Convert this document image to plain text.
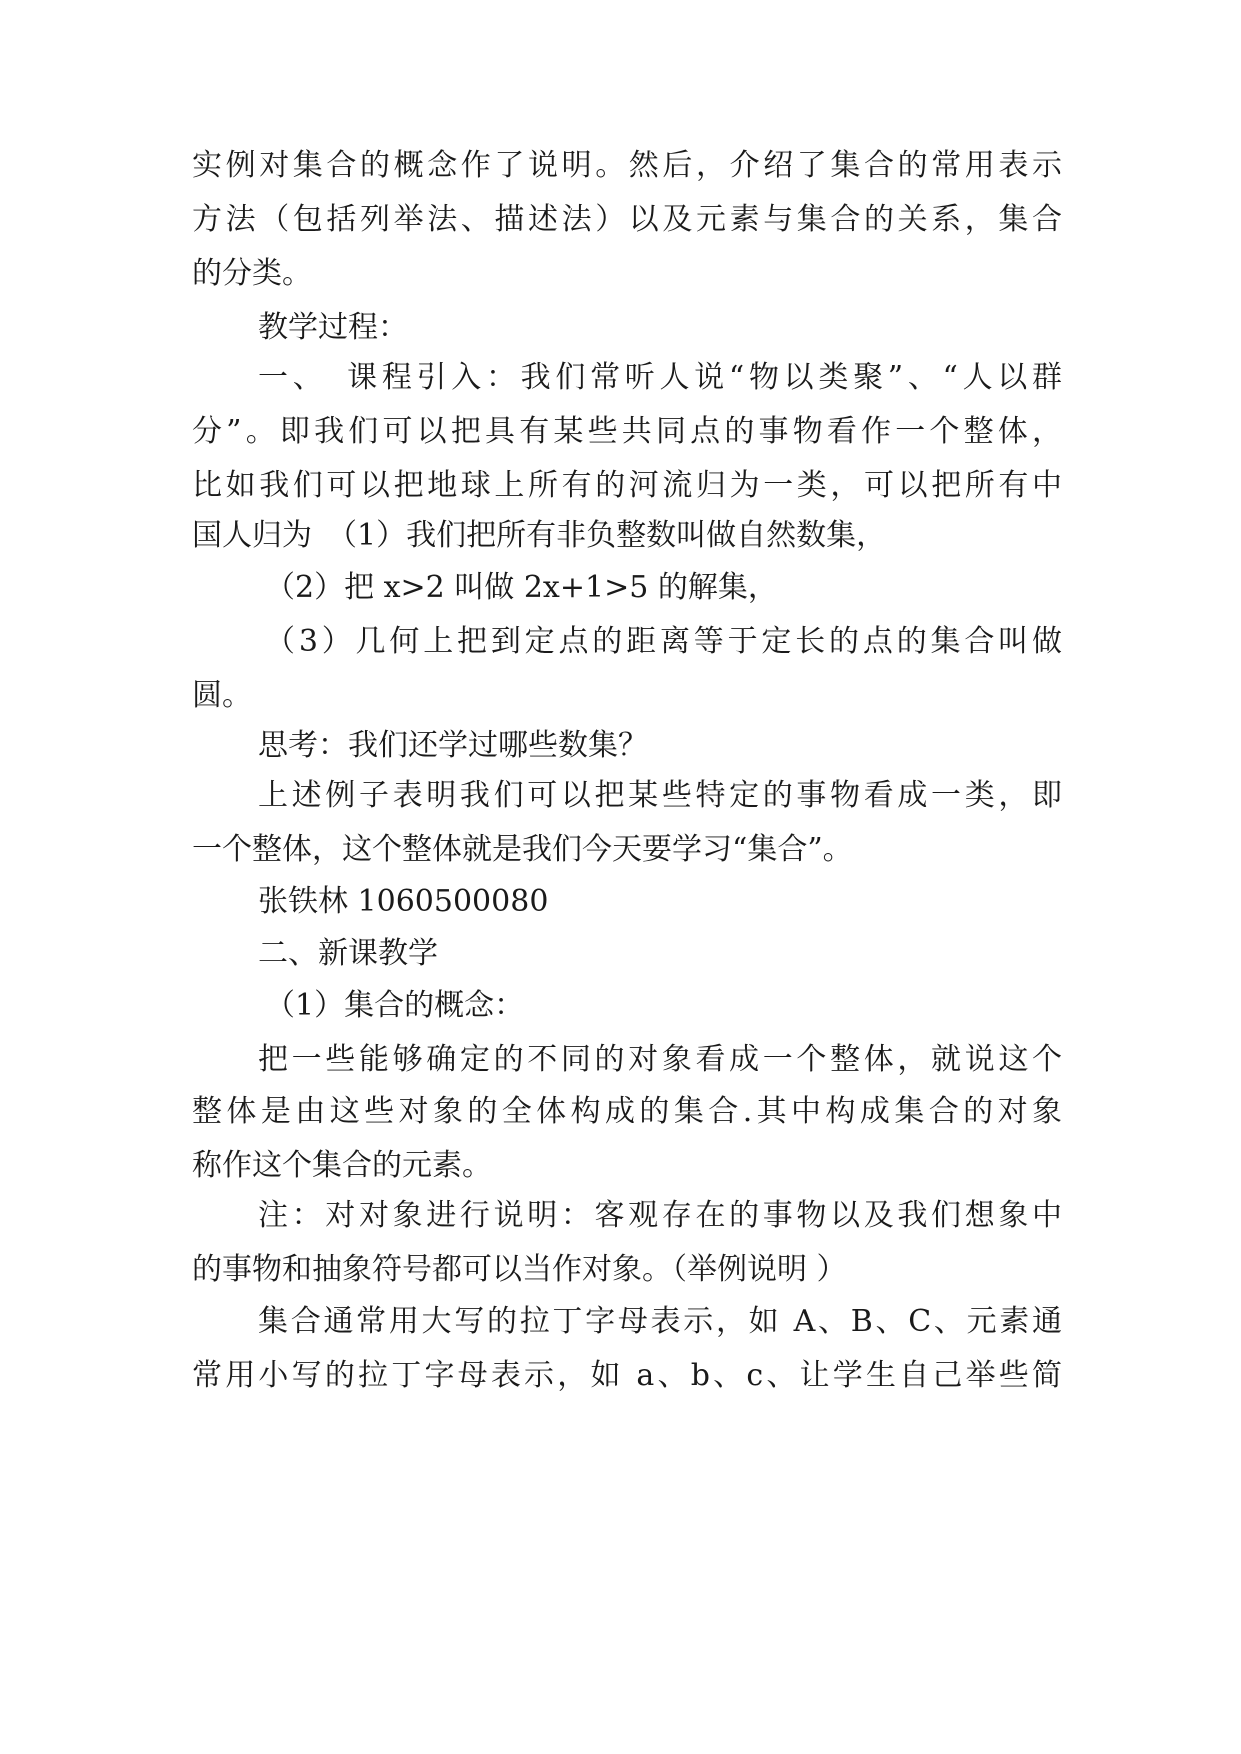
实例对集合的概念作了说明。然后，介绍了集合的常用表示
方法（包括列举法、描述法）以及元素与集合的关系，集合
的分类。
教学过程：
一、　课程引入：我们常听人说“物以类聚”、“人以群
分”。即我们可以把具有某些共同点的事物看作一个整体，
比如我们可以把地球上所有的河流归为一类，可以把所有中
国人归为　（1）我们把所有非负整数叫做自然数集，
（2）把 x>2 叫做 2x+1>5 的解集，
（3）几何上把到定点的距离等于定长的点的集合叫做
圆。
思考：我们还学过哪些数集？
上述例子表明我们可以把某些特定的事物看成一类，即
一个整体，这个整体就是我们今天要学习“集合”。
张铁林 1060500080
二、新课教学
（1）集合的概念：
把一些能够确定的不同的对象看成一个整体，就说这个
整体是由这些对象的全体构成的集合.其中构成集合的对象
称作这个集合的元素。
注：对对象进行说明：客观存在的事物以及我们想象中
的事物和抽象符号都可以当作对象。（举例说明 ）
集合通常用大写的拉丁字母表示，如 A、B、C、元素通
常用小写的拉丁字母表示，如 a、b、c、让学生自己举些简
